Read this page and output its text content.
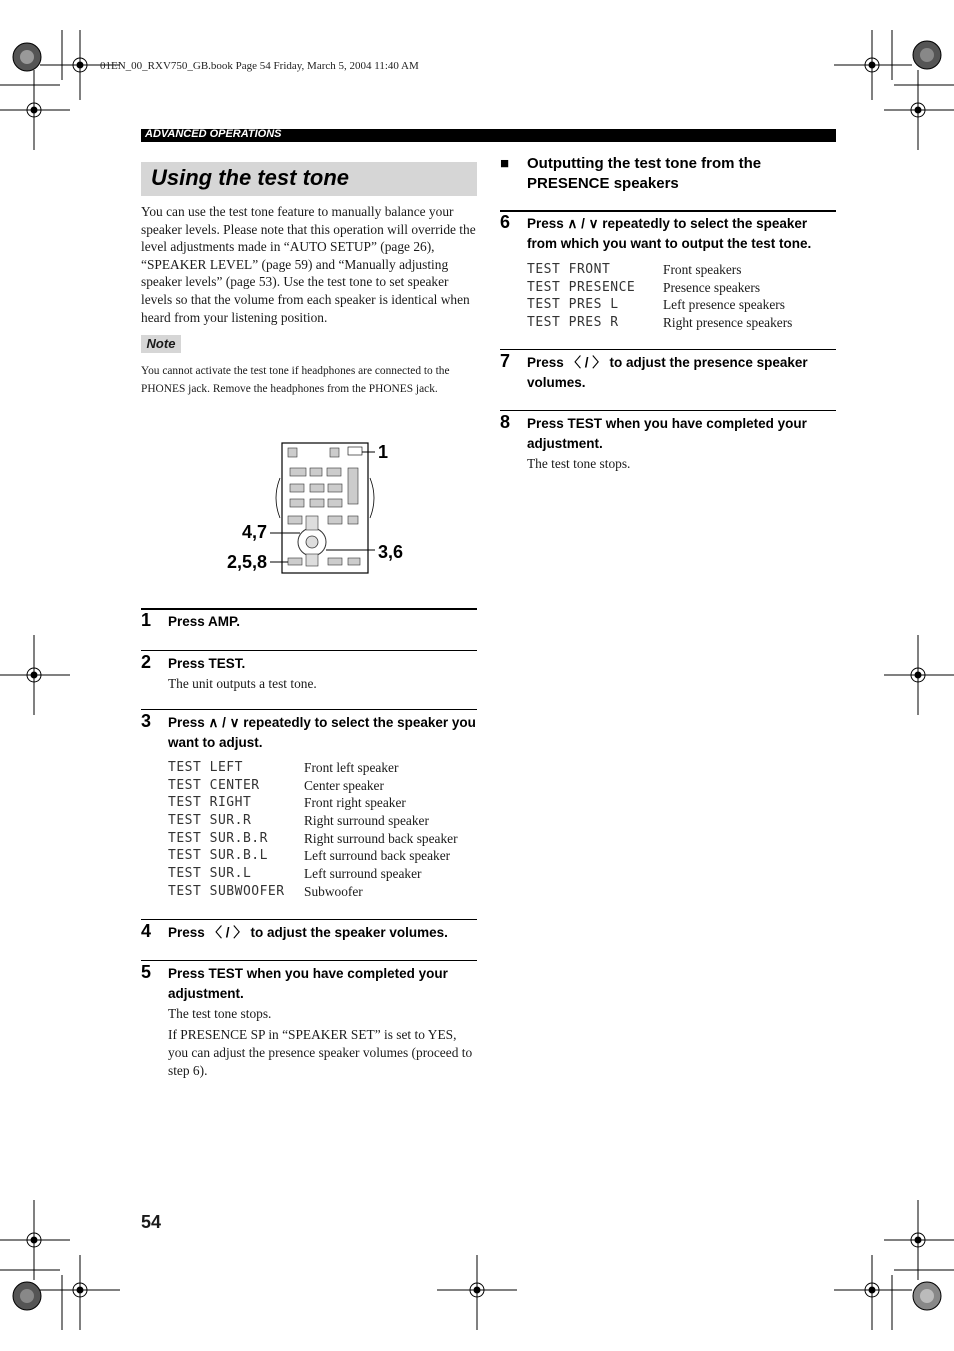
01EN_00_RXV750_GB.book Page 54 Friday, March 5, 2004 11:40 AM
ADVANCED OPERATIONS
Using the test tone
You can use the test tone feature to manually balance your speaker levels. Please note that this operation will override the level adjustments made in “AUTO SETUP” (page 26), “SPEAKER LEVEL” (page 59) and “Manually adjusting speaker levels” (page 53). Use the test tone to set speaker levels so that the volume from each speaker is identical when heard from your listening position.
Note
You cannot activate the test tone if headphones are connected to the PHONES jack. Remove the headphones from the PHONES jack.
1
4,7
2,5,8	3,6
1 Press AMP.
2 Press TEST.
The unit outputs a test tone.
3 Press ∧ / ∨ repeatedly to select the speaker you want to adjust.
TEST LEFT	Front left speaker
TEST CENTER	Center speaker
TEST RIGHT	Front right speaker
TEST SUR.R	Right surround speaker
TEST SUR.B.R	Right surround back speaker
TEST SUR.B.L	Left surround back speaker
TEST SUR.L	Left surround speaker
TEST SUBWOOFER	Subwoofer
4 Press 〈 / 〉 to adjust the speaker volumes.
5 Press TEST when you have completed your adjustment.
The test tone stops.
If PRESENCE SP in “SPEAKER SET” is set to YES, you can adjust the presence speaker volumes (proceed to step 6).
■ Outputting the test tone from the
PRESENCE speakers
6 Press ∧ / ∨ repeatedly to select the speaker from which you want to output the test tone.
TEST FRONT	Front speakers
TEST PRESENCE	Presence speakers
TEST PRES L	Left presence speakers
TEST PRES R	Right presence speakers
7 Press 〈 / 〉 to adjust the presence speaker volumes.
8 Press TEST when you have completed your adjustment.
The test tone stops.
54
